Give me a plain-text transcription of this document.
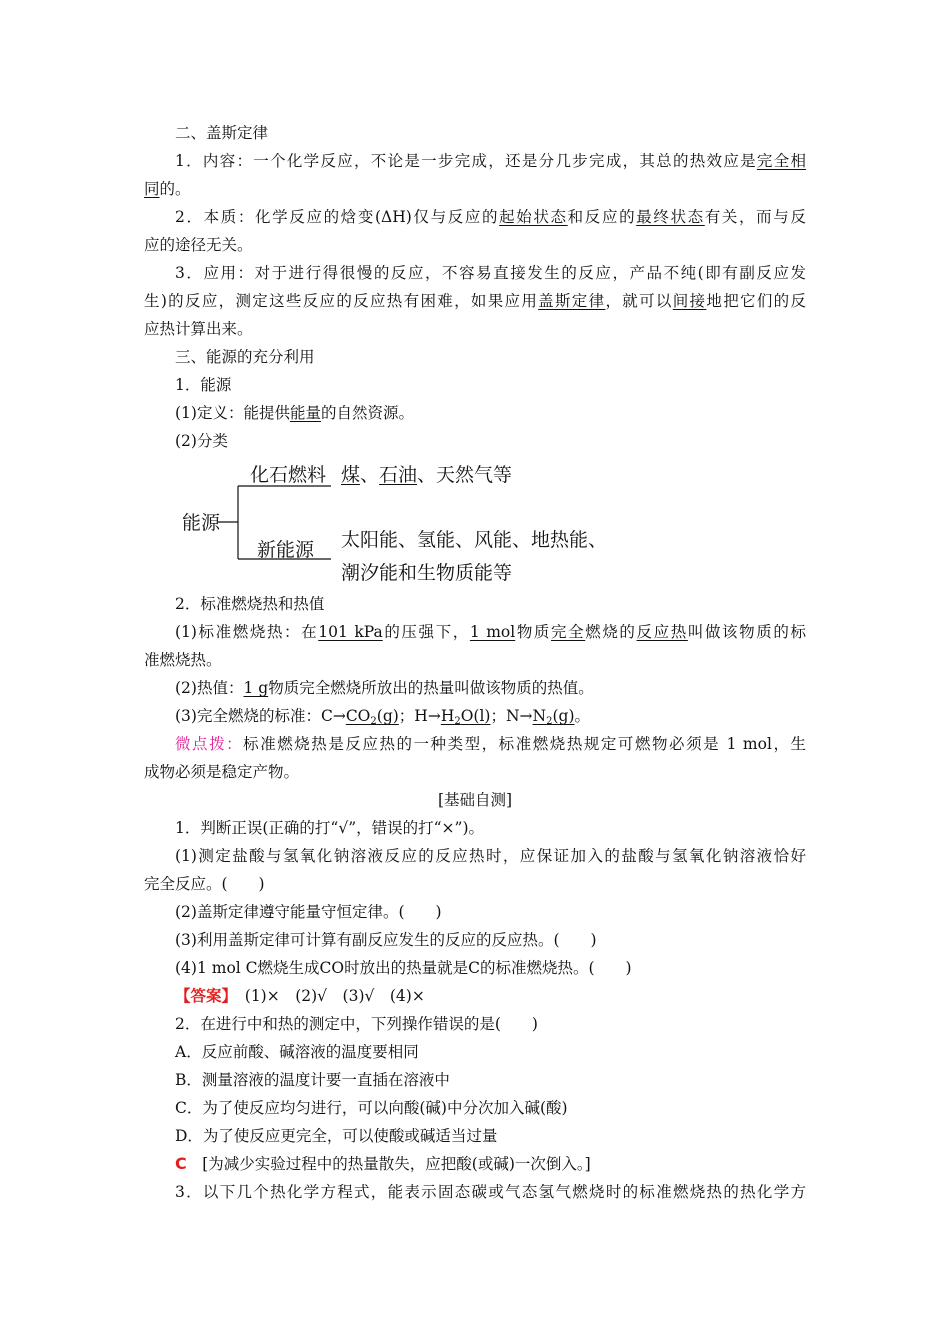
二、盖斯定律
1．内容：一个化学反应，不论是一步完成，还是分几步完成，其总的热效应是完全相
同的。
2．本质：化学反应的焓变(ΔH)仅与反应的起始状态和反应的最终状态有关，而与反
应的途径无关。
3．应用：对于进行得很慢的反应，不容易直接发生的反应，产品不纯(即有副反应发
生)的反应，测定这些反应的反应热有困难，如果应用盖斯定律，就可以间接地把它们的反
应热计算出来。
三、能源的充分利用
1．能源
(1)定义：能提供能量的自然资源。
(2)分类
能源
化石燃料 煤、石油、天然气等
新能源 太阳能、氢能、风能、地热能、
潮汐能和生物质能等
2．标准燃烧热和热值
(1)标准燃烧热：在101 kPa的压强下，1 mol物质完全燃烧的反应热叫做该物质的标
准燃烧热。
(2)热值：1 g物质完全燃烧所放出的热量叫做该物质的热值。
(3)完全燃烧的标准：$C\to CO_2(g)$；$H\to H_2O(l)$；$N\to N_2(g)$。
微点拨：标准燃烧热是反应热的一种类型，标准燃烧热规定可燃物必须是 1 mol，生
成物必须是稳定产物。
[基础自测]
1．判断正误(正确的打“√”，错误的打“×”)。
(1)测定盐酸与氢氧化钠溶液反应的反应热时，应保证加入的盐酸与氢氧化钠溶液恰好
完全反应。(　　)
(2)盖斯定律遵守能量守恒定律。(　　)
(3)利用盖斯定律可计算有副反应发生的反应的反应热。(　　)
(4)1 mol C燃烧生成CO时放出的热量就是C的标准燃烧热。(　　)
【答案】　(1)×　(2)√　(3)√　(4)×
2．在进行中和热的测定中，下列操作错误的是(　　)
A．反应前酸、碱溶液的温度要相同
B．测量溶液的温度计要一直插在溶液中
C．为了使反应均匀进行，可以向酸(碱)中分次加入碱(酸)
D．为了使反应更完全，可以使酸或碱适当过量
C　[为减少实验过程中的热量散失，应把酸(或碱)一次倒入。]
3．以下几个热化学方程式，能表示固态碳或气态氢气燃烧时的标准燃烧热的热化学方
